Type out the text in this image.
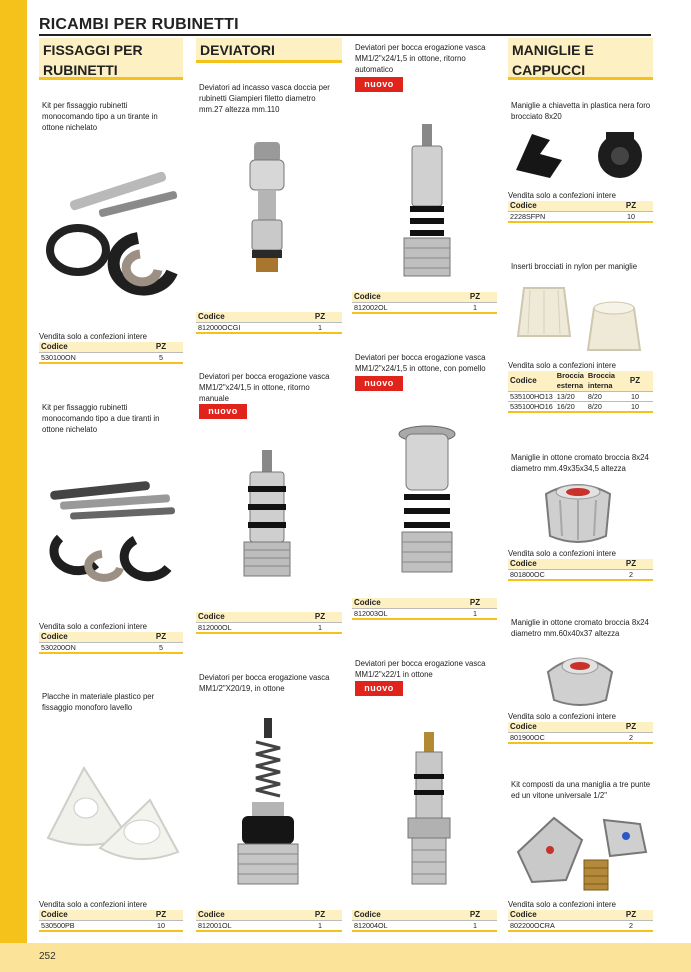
252
RICAMBI PER RUBINETTI
FISSAGGI PER RUBINETTI
DEVIATORI	MANIGLIE E CAPPUCCI
Kit per fissaggio rubinetti monocomando tipo a un tirante in ottone nichelato
Vendita solo a confezioni intere
Codice	PZ
530100ON	5
Kit per fissaggio rubinetti monocomando tipo a due tiranti in ottone nichelato
Vendita solo a confezioni intere
Codice	PZ
530200ON	5
Placche in materiale plastico per fissaggio monoforo lavello
Vendita solo a confezioni intere
Codice	PZ
530500PB	10
Deviatori ad incasso vasca doccia per rubinetti Giampieri filetto diametro mm.27 altezza mm.110
Codice	PZ
812000OCGI	1
Deviatori per bocca erogazione vasca MM1/2"x24/1,5 in ottone, ritorno manuale
nuovo
Codice	PZ
812000OL	1
Deviatori per bocca erogazione vasca MM1/2"X20/19, in ottone
Codice	PZ
812001OL	1
Deviatori per bocca erogazione vasca MM1/2"x24/1,5 in ottone, ritorno automatico
nuovo
Codice	PZ
812002OL	1
Deviatori per bocca erogazione vasca MM1/2"x24/1,5 in ottone, con pomello
nuovo
Codice	PZ
812003OL	1
Deviatori per bocca erogazione vasca MM1/2"x22/1 in ottone
nuovo
Codice	PZ
812004OL	1
Maniglie a chiavetta in plastica nera foro brocciato 8x20
Vendita solo a confezioni intere
Codice	PZ
2228SFPN	10
Inserti brocciati in nylon per maniglie
Vendita solo a confezioni intere
Codice	Broccia esterna	Broccia interna	PZ
535100HO13	13/20	8/20	10
535100HO16	16/20	8/20	10
Maniglie in ottone cromato broccia 8x24 diametro mm.49x35x34,5 altezza
Vendita solo a confezioni intere
Codice	PZ
801800OC	2
Maniglie in ottone cromato broccia 8x24 diametro mm.60x40x37 altezza
Vendita solo a confezioni intere
Codice	PZ
801900OC	2
Kit composti da una maniglia a tre punte ed un vitone universale 1/2"
Vendita solo a confezioni intere
Codice	PZ
802200OCRA	2
